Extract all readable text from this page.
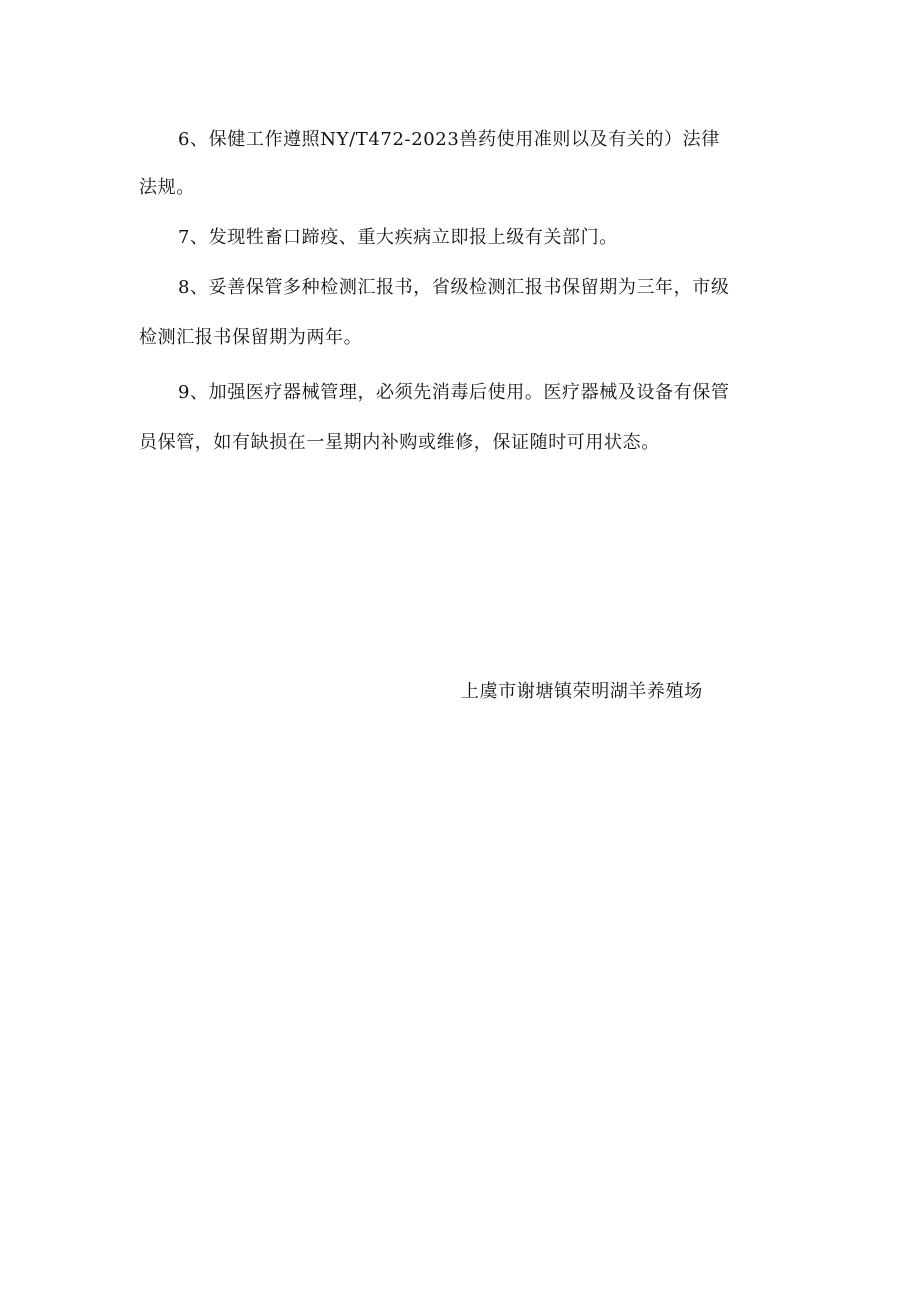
6、保健工作遵照NY/T472-2023兽药使用准则以及有关的）法律
法规。
7、发现牲畜口蹄疫、重大疾病立即报上级有关部门。
8、妥善保管多种检测汇报书，省级检测汇报书保留期为三年，市级
检测汇报书保留期为两年。
9、加强医疗器械管理，必须先消毒后使用。医疗器械及设备有保管
员保管，如有缺损在一星期内补购或维修，保证随时可用状态。
上虞市谢塘镇荣明湖羊养殖场
